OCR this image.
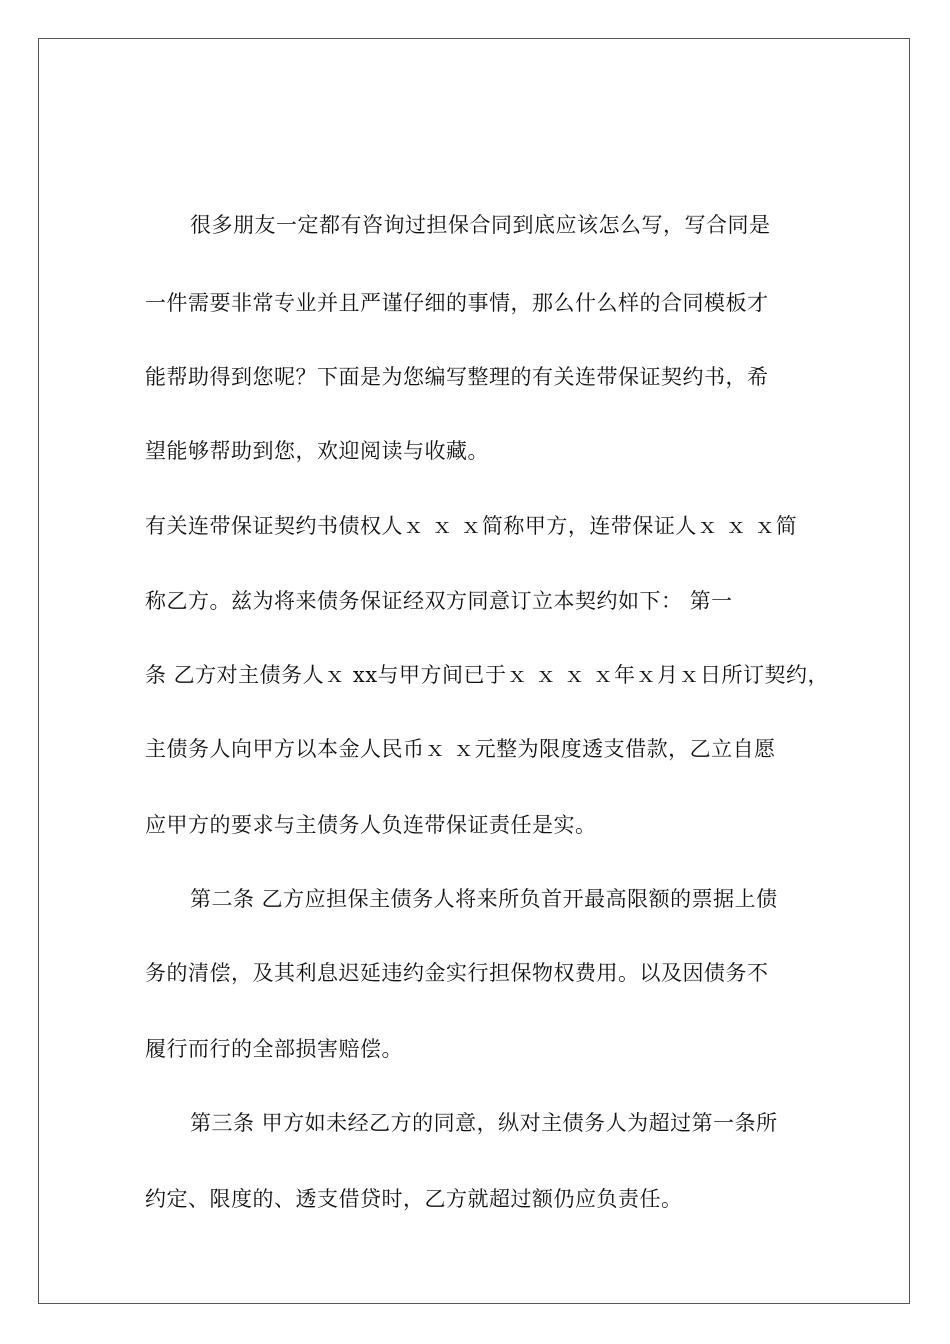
很多朋友一定都有咨询过担保合同到底应该怎么写，写合同是
一件需要非常专业并且严谨仔细的事情，那么什么样的合同模板才
能帮助得到您呢？下面是为您编写整理的有关连带保证契约书，希
望能够帮助到您，欢迎阅读与收藏。
有关连带保证契约书债权人ｘ ｘ ｘ简称甲方，连带保证人ｘ ｘ ｘ简
称乙方。兹为将来债务保证经双方同意订立本契约如下： 第一
条 乙方对主债务人ｘ xx与甲方间已于ｘ ｘ ｘ ｘ年ｘ月ｘ日所订契约，
主债务人向甲方以本金人民币ｘ ｘ元整为限度透支借款，乙立自愿
应甲方的要求与主债务人负连带保证责任是实。
第二条 乙方应担保主债务人将来所负首开最高限额的票据上债
务的清偿，及其利息迟延违约金实行担保物权费用。以及因债务不
履行而行的全部损害赔偿。
第三条 甲方如未经乙方的同意，纵对主债务人为超过第一条所
约定、限度的、透支借贷时，乙方就超过额仍应负责任。
